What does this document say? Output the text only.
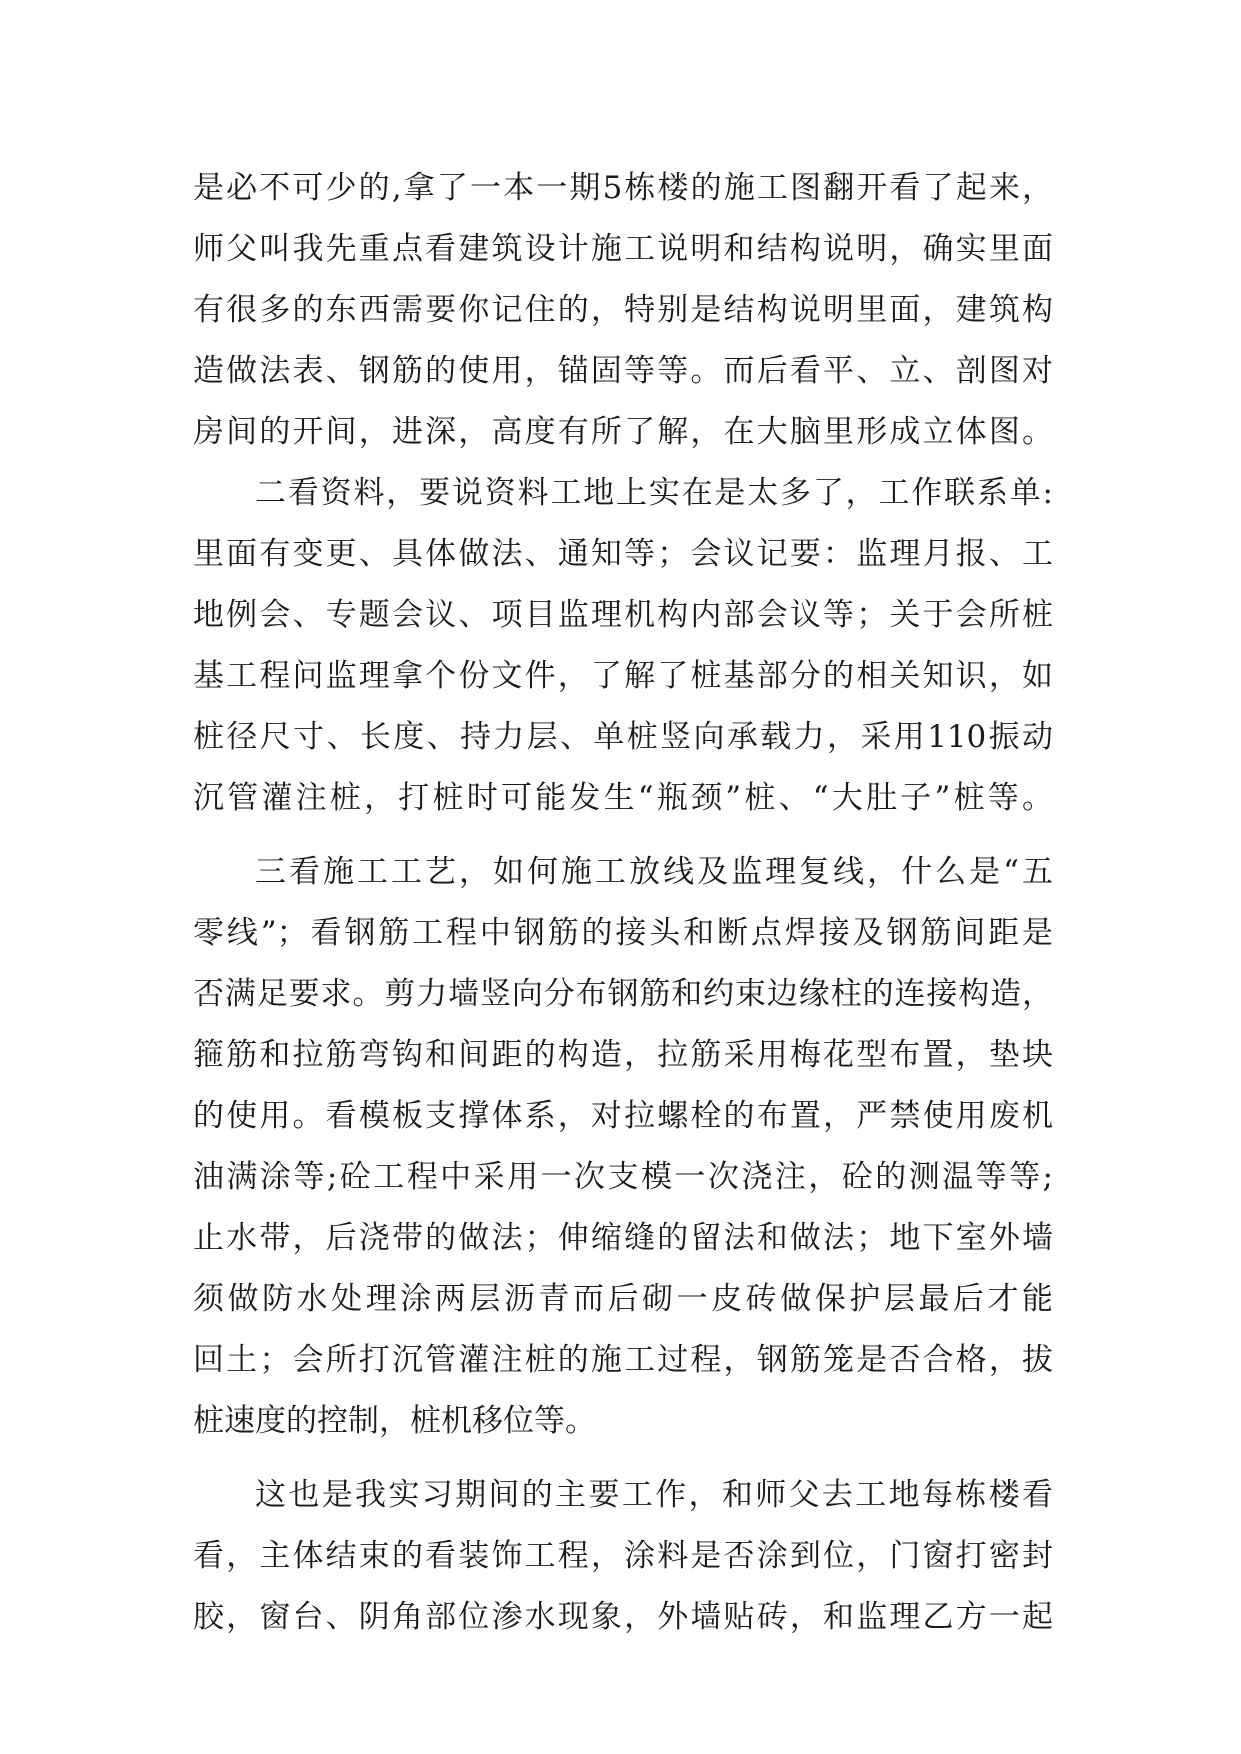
是必不可少的,拿了一本一期5栋楼的施工图翻开看了起来，
师父叫我先重点看建筑设计施工说明和结构说明，确实里面
有很多的东西需要你记住的，特别是结构说明里面，建筑构
造做法表、钢筋的使用，锚固等等。而后看平、立、剖图对
房间的开间，进深，高度有所了解，在大脑里形成立体图。
二看资料，要说资料工地上实在是太多了，工作联系单:
里面有变更、具体做法、通知等；会议记要：监理月报、工
地例会、专题会议、项目监理机构内部会议等；关于会所桩
基工程问监理拿个份文件，了解了桩基部分的相关知识，如
桩径尺寸、长度、持力层、单桩竖向承载力，采用110振动
沉管灌注桩，打桩时可能发生“瓶颈”桩、“大肚子”桩等。
三看施工工艺，如何施工放线及监理复线，什么是“五
零线”；看钢筋工程中钢筋的接头和断点焊接及钢筋间距是
否满足要求。剪力墙竖向分布钢筋和约束边缘柱的连接构造，
箍筋和拉筋弯钩和间距的构造，拉筋采用梅花型布置，垫块
的使用。看模板支撑体系，对拉螺栓的布置，严禁使用废机
油满涂等;砼工程中采用一次支模一次浇注，砼的测温等等;
止水带，后浇带的做法；伸缩缝的留法和做法；地下室外墙
须做防水处理涂两层沥青而后砌一皮砖做保护层最后才能
回土；会所打沉管灌注桩的施工过程，钢筋笼是否合格，拔
桩速度的控制，桩机移位等。
这也是我实习期间的主要工作，和师父去工地每栋楼看
看，主体结束的看装饰工程，涂料是否涂到位，门窗打密封
胶，窗台、阴角部位渗水现象，外墙贴砖，和监理乙方一起
